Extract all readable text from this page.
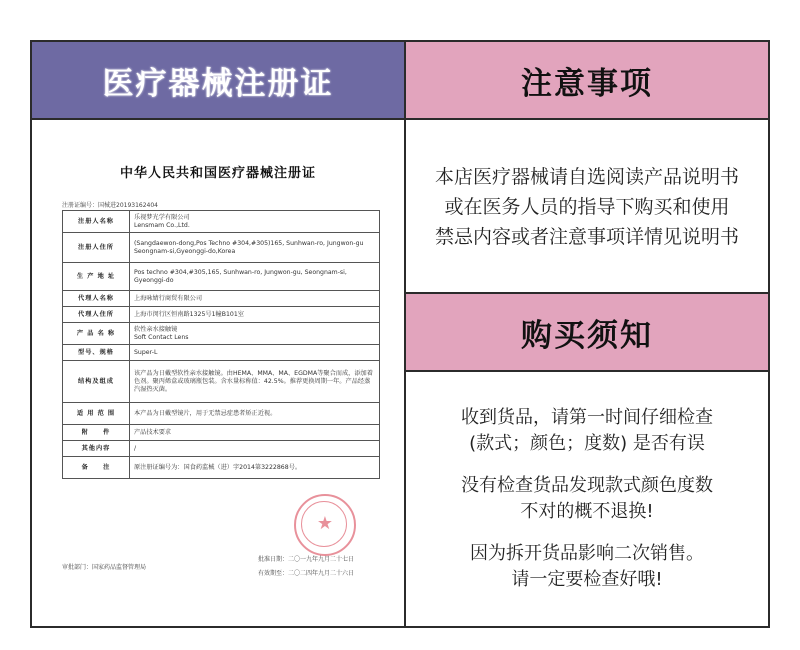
医疗器械注册证	注意事项
本店医疗器械请自选阅读产品说明书
或在医务人员的指导下购买和使用
禁忌内容或者注意事项详情见说明书
购买须知
收到货品，请第一时间仔细检查
(款式；颜色；度数) 是否有误
没有检查货品发现款式颜色度数
不对的概不退换!
因为拆开货品影响二次销售。
请一定要检查好哦!
中华人民共和国医疗器械注册证
注册证编号：国械进20193162404
注册人名称	乐视梦光学有限公司
Lensmam Co.,Ltd.
注册人住所	(Sangdaewon-dong,Pos Techno #304,#305)165, Sunhwan-ro, Jungwon-gu Seongnam-si,Gyeonggi-do,Korea
生 产 地 址	Pos techno #304,#305,165, Sunhwan-ro, Jungwon-gu, Seongnam-si, Gyeonggi-do
代理人名称	上海咏婧行商贸有限公司
代理人住所	上海市闵行区恒南路1325号1幢B101室
产 品 名 称	软性亲水接触镜
Soft Contact Lens
型号、规格	Super-L
结构及组成	该产品为日戴型软性亲水接触镜。由HEMA、MMA、MA、EGDMA等聚合而成，添加着色剂。聚丙烯盒或玻璃瓶包装。含水量标称值：42.5%。推荐更换周期一年。产品经蒸汽湿热灭菌。
适 用 范 围	本产品为日戴型镜片，用于无禁忌症患者矫正近视。
附　　件	产品技术要求
其他内容	/
备　　注	原注册证编号为：国食药监械（进）字2014第3222868号。
★
审批部门：国家药品监督管理局
批准日期：二〇一九年九月二十七日
有效期至：二〇二四年九月二十六日
